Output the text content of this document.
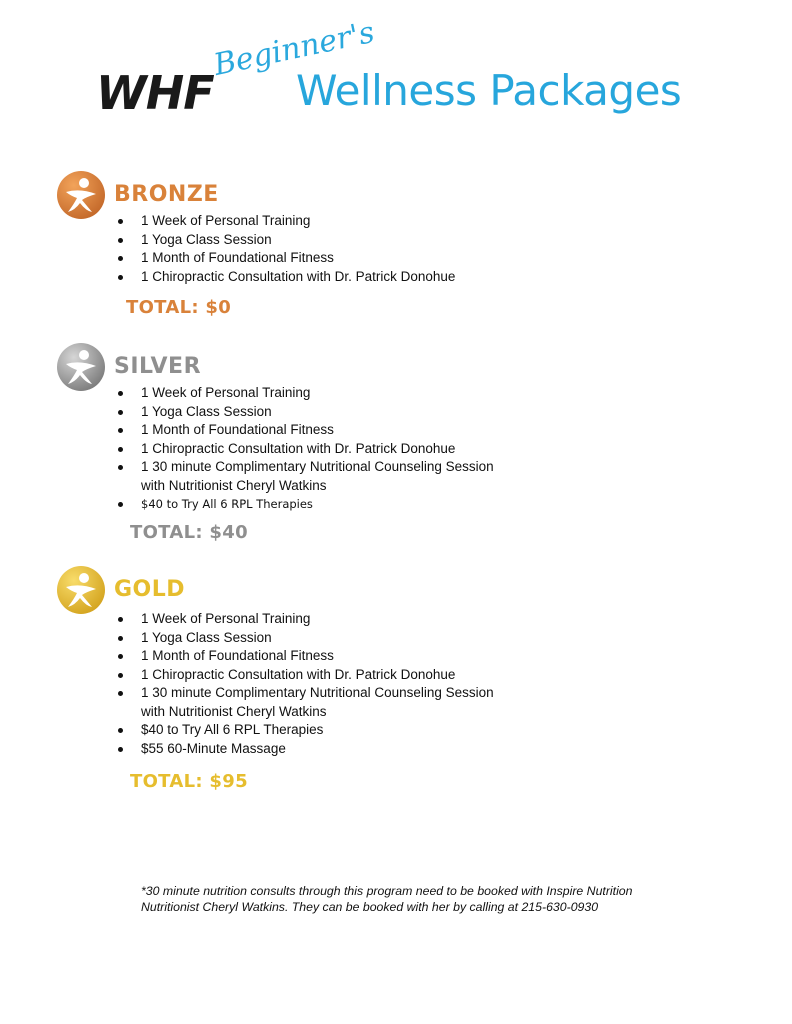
WHF
Beginner's
Wellness Packages
BRONZE
1 Week of Personal Training
1 Yoga Class Session
1 Month of Foundational Fitness
1 Chiropractic Consultation with Dr. Patrick Donohue
TOTAL: $0
SILVER
1 Week of Personal Training
1 Yoga Class Session
1 Month of Foundational Fitness
1 Chiropractic Consultation with Dr. Patrick Donohue
1 30 minute Complimentary Nutritional Counseling Session
with Nutritionist Cheryl Watkins
$40 to Try All 6 RPL Therapies
TOTAL: $40
GOLD
1 Week of Personal Training
1 Yoga Class Session
1 Month of Foundational Fitness
1 Chiropractic Consultation with Dr. Patrick Donohue
1 30 minute Complimentary Nutritional Counseling Session
with Nutritionist Cheryl Watkins
$40 to Try All 6 RPL Therapies
$55 60-Minute Massage
TOTAL: $95
*30 minute nutrition consults through this program need to be booked with Inspire Nutrition
Nutritionist Cheryl Watkins. They can be booked with her by calling at 215-630-0930
